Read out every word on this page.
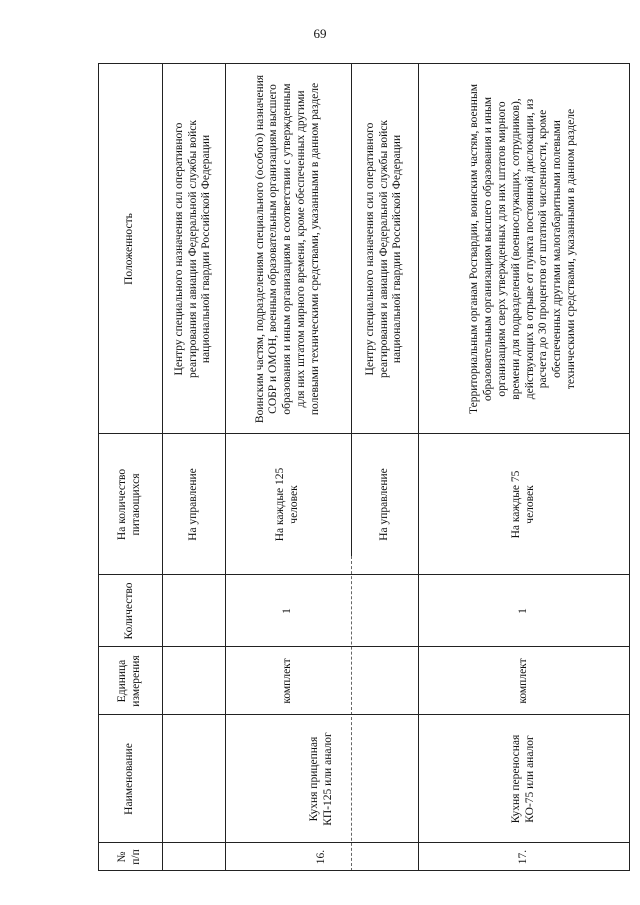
69
№ п/п
Наименование
Единица измерения
Количество
На количество питающихся
Положенность
На управление
Центру специального назначения сил оперативного реагирования и авиации Федеральной службы войск национальной гвардии Российской Федерации
16.
Кухня прицепная КП-125 или аналог
комплект
1
На каждые 125 человек
Воинским частям, подразделениям специального (особого) назначения СОБР и ОМОН, военным образовательным организациям высшего образования и иным организациям в соответствии с утвержденным для них штатом мирного времени, кроме обеспеченных другими полевыми техническими средствами, указанными в данном разделе
На управление
Центру специального назначения сил оперативного реагирования и авиации Федеральной службы войск национальной гвардии Российской Федерации
17.
Кухня переносная КО-75 или аналог
комплект
1
На каждые 75 человек
Территориальным органам Росгвардии, воинским частям, военным образовательным организациям высшего образования и иным организациям сверх утвержденных для них штатов мирного времени для подразделений (военнослужащих, сотрудников), действующих в отрыве от пункта постоянной дислокации, из расчета до 30 процентов от штатной численности, кроме обеспеченных другими малогабаритными полевыми техническими средствами, указанными в данном разделе
